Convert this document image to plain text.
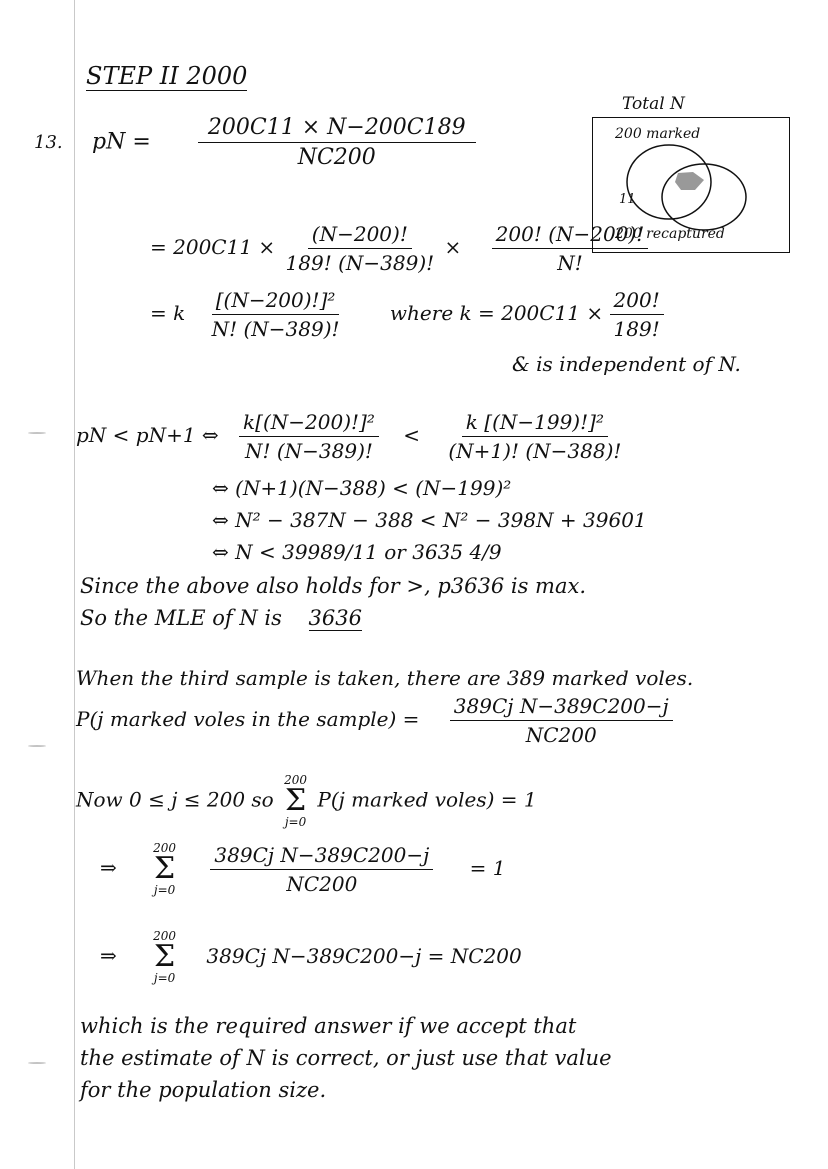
STEP II 2000
13. pN = $\frac{200C11 \times N-200C189}{NC200}$
Total N
200 marked
11
200 recaptured
= $200C11 \times \frac{(N-200)!}{189! (N-389)!} \times \frac{200! (N-200)!}{N!}$
= k $\frac{\text{[(N−200)!]²}}{N! (N-389)!}$ where $k = 200C11 \times \frac{200!}{189!}$
& is independent of N.
pN < pN+1 ⇔ $\frac{\text{k[(N−200)!]²}}{N! (N-389)!} < \frac{\text{k [(N−199)!]²}}{(N+1)! (N-388)!}$
⇔ (N+1)(N−388) < (N−199)²
⇔ N² − 387N − 388 < N² − 398N + 39601
⇔ N < 39989/11 or 3635 4/9
Since the above also holds for >, p3636 is max.
So the MLE of N is 3636
When the third sample is taken, there are 389 marked voles.
P(j marked voles in the sample) = $\frac{\text{389Cj N−389C200−j}}{NC200}$
Now 0 ≤ j ≤ 200 so
200
Σ
j=0
P(j marked voles) = 1
⇒
200
Σ
j=0
$\frac{\text{389Cj N−389C200−j}}{NC200} = 1$
⇒
200
Σ
j=0
389Cj N−389C200−j = NC200
which is the required answer if we accept that
the estimate of N is correct, or just use that value
for the population size.
